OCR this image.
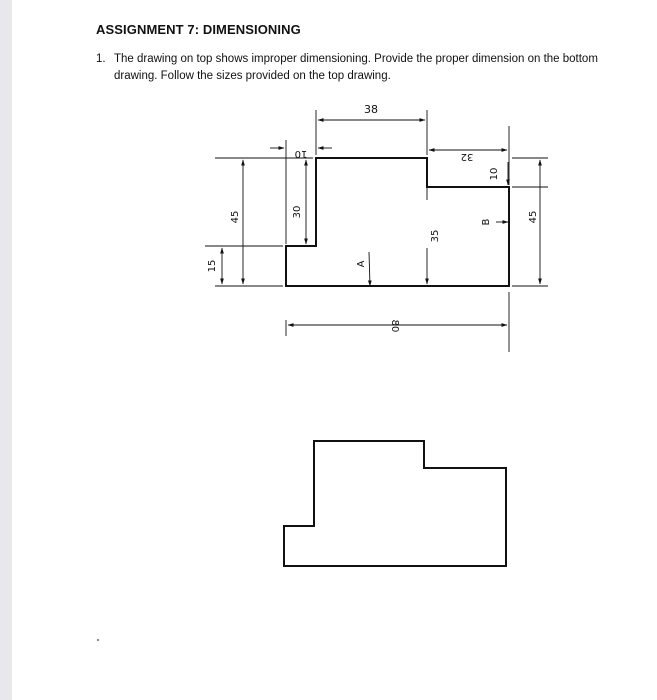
ASSIGNMENT 7: DIMENSIONING

1. The drawing on top shows improper dimensioning. Provide the proper dimension on the bottom drawing. Follow the sizes provided on the top drawing.

38
10	32
45	30
15
35
10
45
80
A
B
